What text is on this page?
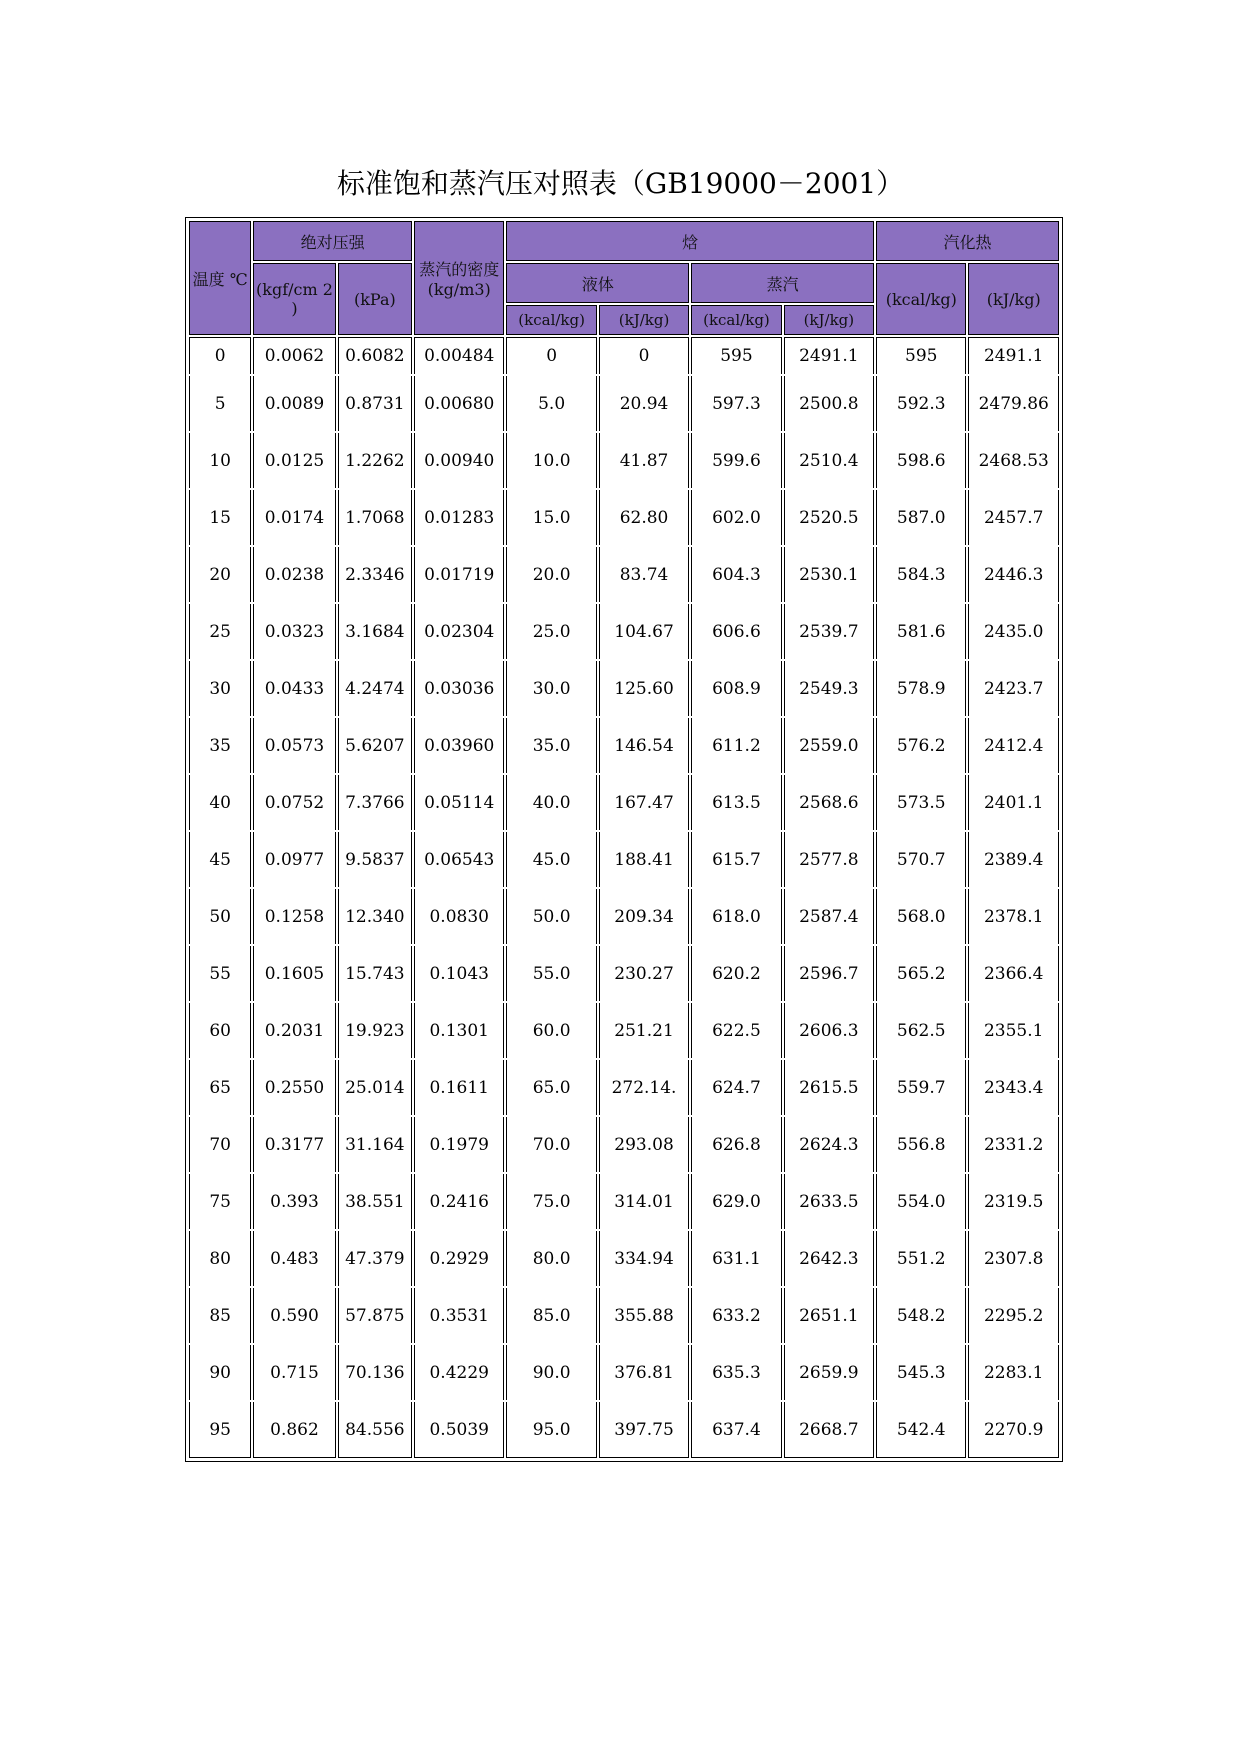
标准饱和蒸汽压对照表（GB19000－2001）
温度 ℃	绝对压强		蒸汽的密度(kg/m3)	焓				汽化热	
	(kgf/cm 2 )	(kPa)		液体		蒸汽		(kcal/kg)	(kJ/kg)
				(kcal/kg)	(kJ/kg)	(kcal/kg)	(kJ/kg)		
0	0.0062	0.6082	0.00484	0	0	595	2491.1	595	2491.1
5	0.0089	0.8731	0.00680	5.0	20.94	597.3	2500.8	592.3	2479.86
10	0.0125	1.2262	0.00940	10.0	41.87	599.6	2510.4	598.6	2468.53
15	0.0174	1.7068	0.01283	15.0	62.80	602.0	2520.5	587.0	2457.7
20	0.0238	2.3346	0.01719	20.0	83.74	604.3	2530.1	584.3	2446.3
25	0.0323	3.1684	0.02304	25.0	104.67	606.6	2539.7	581.6	2435.0
30	0.0433	4.2474	0.03036	30.0	125.60	608.9	2549.3	578.9	2423.7
35	0.0573	5.6207	0.03960	35.0	146.54	611.2	2559.0	576.2	2412.4
40	0.0752	7.3766	0.05114	40.0	167.47	613.5	2568.6	573.5	2401.1
45	0.0977	9.5837	0.06543	45.0	188.41	615.7	2577.8	570.7	2389.4
50	0.1258	12.340	0.0830	50.0	209.34	618.0	2587.4	568.0	2378.1
55	0.1605	15.743	0.1043	55.0	230.27	620.2	2596.7	565.2	2366.4
60	0.2031	19.923	0.1301	60.0	251.21	622.5	2606.3	562.5	2355.1
65	0.2550	25.014	0.1611	65.0	272.14.	624.7	2615.5	559.7	2343.4
70	0.3177	31.164	0.1979	70.0	293.08	626.8	2624.3	556.8	2331.2
75	0.393	38.551	0.2416	75.0	314.01	629.0	2633.5	554.0	2319.5
80	0.483	47.379	0.2929	80.0	334.94	631.1	2642.3	551.2	2307.8
85	0.590	57.875	0.3531	85.0	355.88	633.2	2651.1	548.2	2295.2
90	0.715	70.136	0.4229	90.0	376.81	635.3	2659.9	545.3	2283.1
95	0.862	84.556	0.5039	95.0	397.75	637.4	2668.7	542.4	2270.9
